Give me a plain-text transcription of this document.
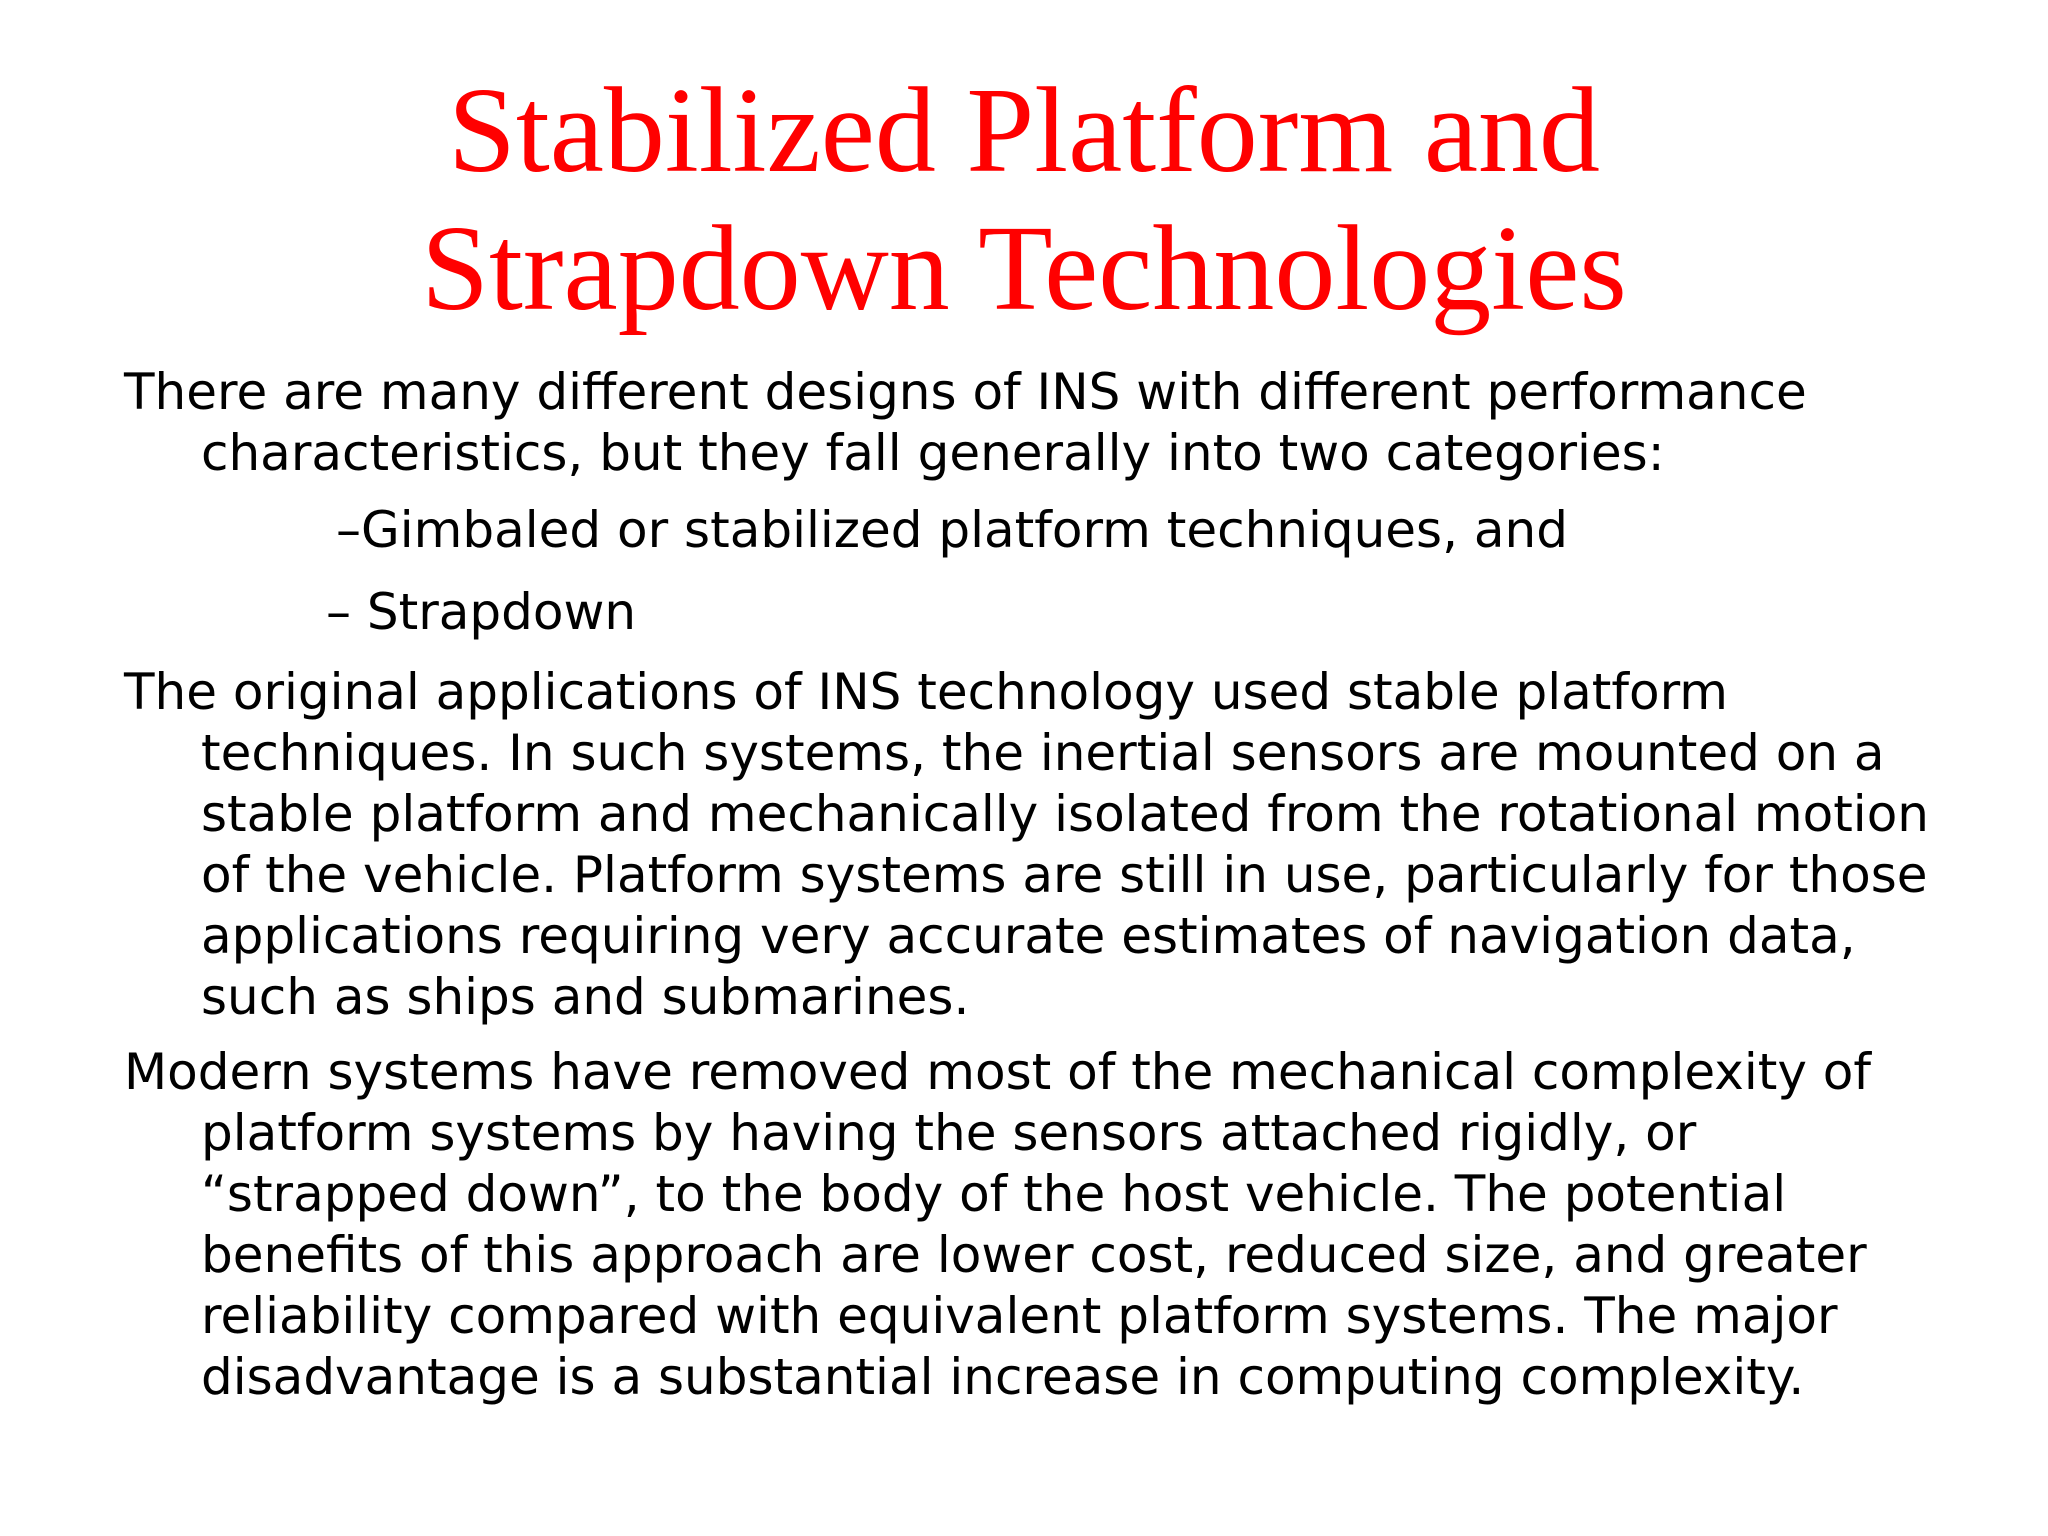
Stabilized Platform and
Strapdown Technologies

There are many different designs of INS with different performance characteristics, but they fall generally into two categories:

–Gimbaled or stabilized platform techniques, and

– Strapdown

The original applications of INS technology used stable platform techniques. In such systems, the inertial sensors are mounted on a stable platform and mechanically isolated from the rotational motion of the vehicle. Platform systems are still in use, particularly for those applications requiring very accurate estimates of navigation data, such as ships and submarines.

Modern systems have removed most of the mechanical complexity of platform systems by having the sensors attached rigidly, or “strapped down”, to the body of the host vehicle. The potential benefits of this approach are lower cost, reduced size, and greater reliability compared with equivalent platform systems. The major disadvantage is a substantial increase in computing complexity.
